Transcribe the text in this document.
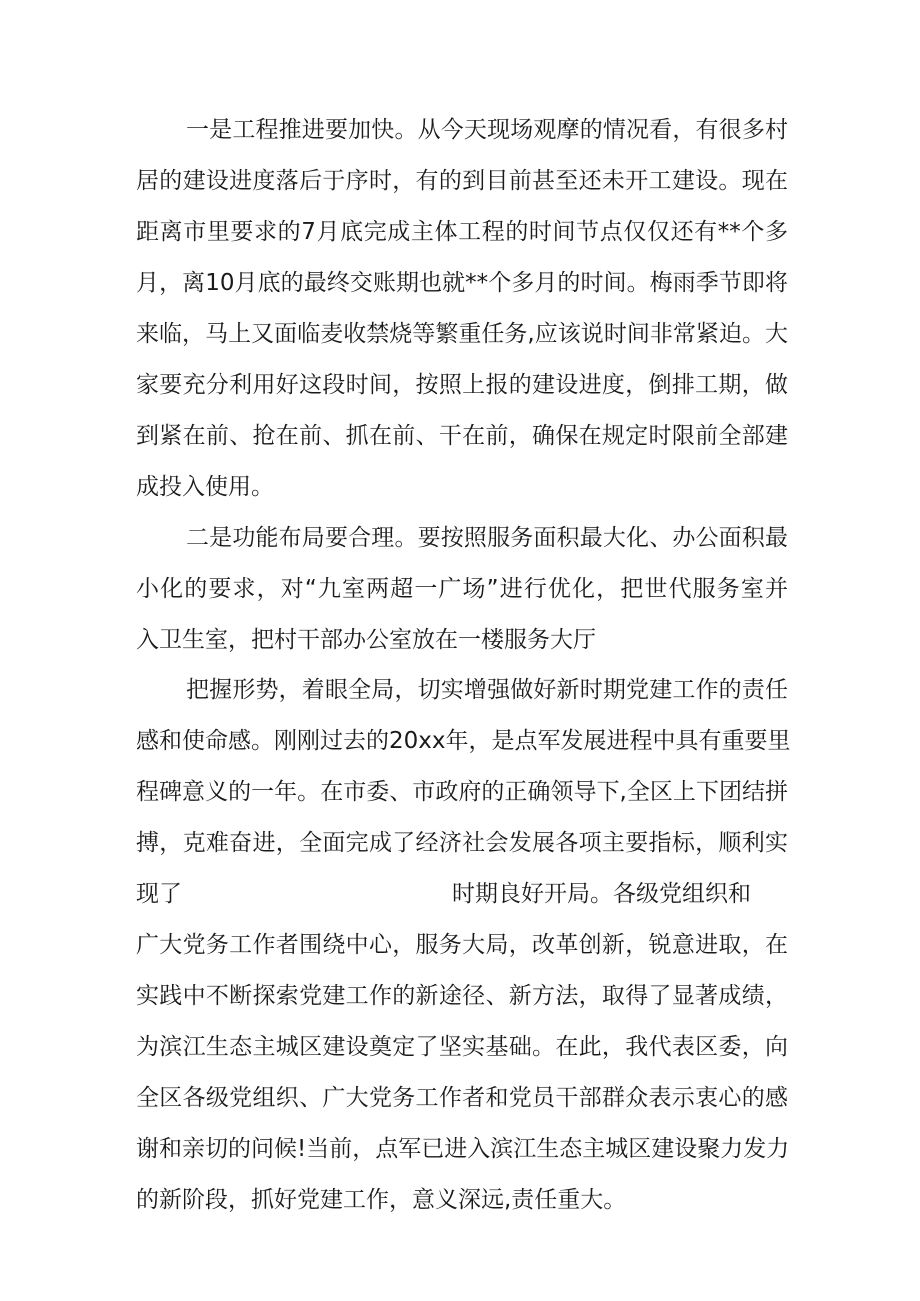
一是工程推进要加快。从今天现场观摩的情况看，有很多村
居的建设进度落后于序时，有的到目前甚至还未开工建设。现在
距离市里要求的7月底完成主体工程的时间节点仅仅还有**个多
月，离10月底的最终交账期也就**个多月的时间。梅雨季节即将
来临，马上又面临麦收禁烧等繁重任务,应该说时间非常紧迫。大
家要充分利用好这段时间，按照上报的建设进度，倒排工期，做
到紧在前、抢在前、抓在前、干在前，确保在规定时限前全部建
成投入使用。
二是功能布局要合理。要按照服务面积最大化、办公面积最
小化的要求，对“九室两超一广场”进行优化，把世代服务室并
入卫生室，把村干部办公室放在一楼服务大厅
把握形势，着眼全局，切实增强做好新时期党建工作的责任
感和使命感。刚刚过去的20xx年，是点军发展进程中具有重要里
程碑意义的一年。在市委、市政府的正确领导下,全区上下团结拼
搏，克难奋进，全面完成了经济社会发展各项主要指标，顺利实
现了	时期良好开局。各级党组织和
广大党务工作者围绕中心，服务大局，改革创新，锐意进取，在
实践中不断探索党建工作的新途径、新方法，取得了显著成绩，
为滨江生态主城区建设奠定了坚实基础。在此，我代表区委，向
全区各级党组织、广大党务工作者和党员干部群众表示衷心的感
谢和亲切的问候!当前，点军已进入滨江生态主城区建设聚力发力
的新阶段，抓好党建工作，意义深远,责任重大。
